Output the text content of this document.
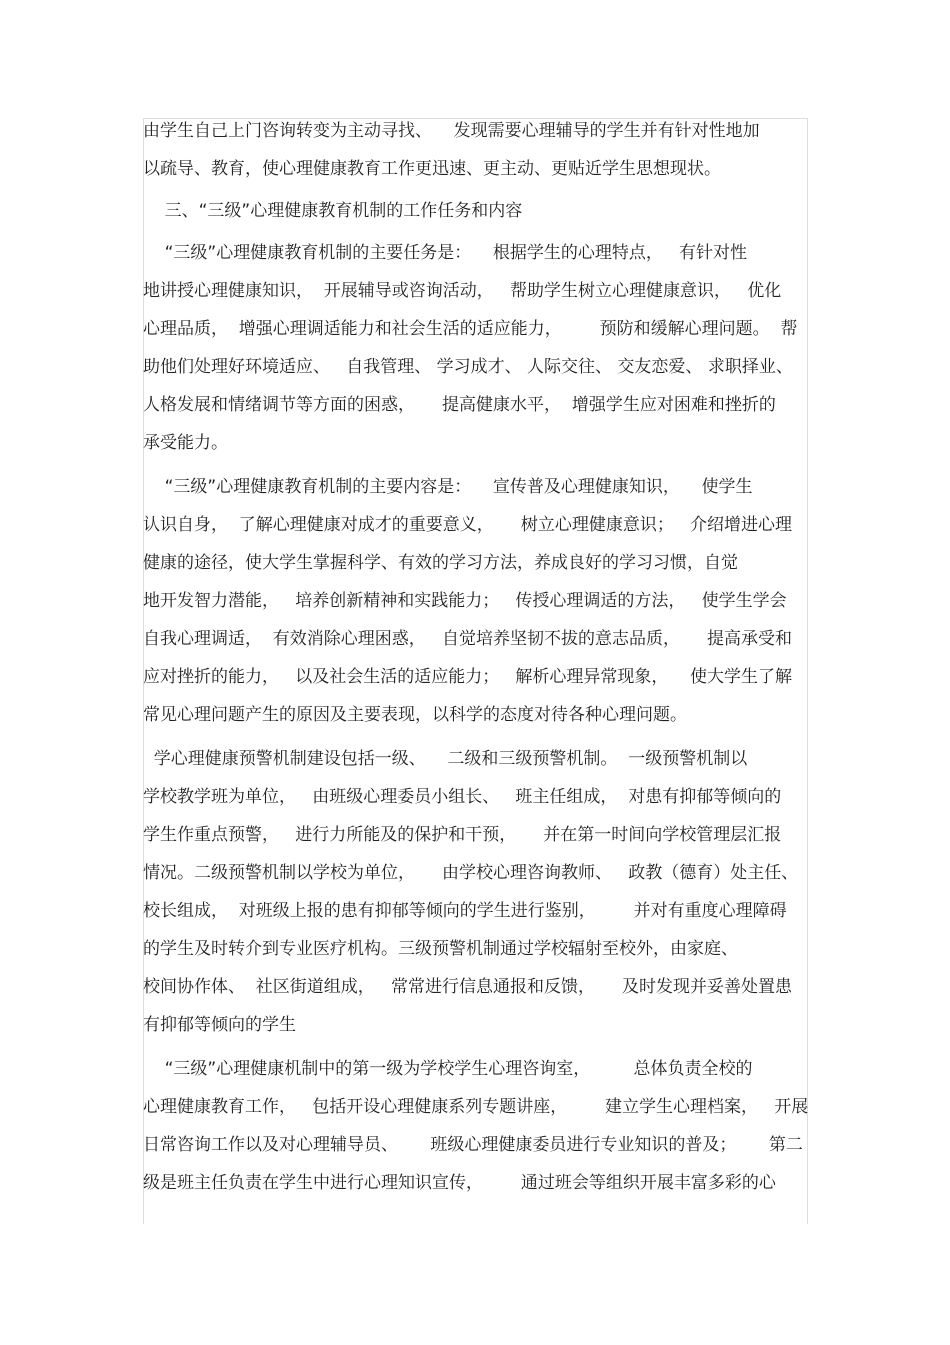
由学生自己上门咨询转变为主动寻找、    发现需要心理辅导的学生并有针对性地加
以疏导、教育，使心理健康教育工作更迅速、更主动、更贴近学生思想现状。
三、“三级”心理健康教育机制的工作任务和内容
“三级”心理健康教育机制的主要任务是：    根据学生的心理特点，   有针对性
地讲授心理健康知识，  开展辅导或咨询活动，   帮助学生树立心理健康意识，   优化
心理品质，  增强心理调适能力和社会生活的适应能力，       预防和缓解心理问题。  帮
助他们处理好环境适应、   自我管理、 学习成才、 人际交往、 交友恋爱、 求职择业、
人格发展和情绪调节等方面的困惑，     提高健康水平，  增强学生应对困难和挫折的
承受能力。
“三级”心理健康教育机制的主要内容是：    宣传普及心理健康知识，    使学生
认识自身，  了解心理健康对成才的重要意义，     树立心理健康意识；   介绍增进心理
健康的途径，使大学生掌握科学、有效的学习方法，养成良好的学习习惯，自觉
地开发智力潜能，   培养创新精神和实践能力；   传授心理调适的方法，   使学生学会
自我心理调适，  有效消除心理困惑，   自觉培养坚韧不拔的意志品质，     提高承受和
应对挫折的能力，   以及社会生活的适应能力；   解析心理异常现象，    使大学生了解
常见心理问题产生的原因及主要表现，以科学的态度对待各种心理问题。
学心理健康预警机制建设包括一级、    二级和三级预警机制。  一级预警机制以
学校教学班为单位，   由班级心理委员小组长、   班主任组成，  对患有抑郁等倾向的
学生作重点预警，   进行力所能及的保护和干预，     并在第一时间向学校管理层汇报
情况。二级预警机制以学校为单位，     由学校心理咨询教师、   政教（德育）处主任、
校长组成，  对班级上报的患有抑郁等倾向的学生进行鉴别，       并对有重度心理障碍
的学生及时转介到专业医疗机构。三级预警机制通过学校辐射至校外，由家庭、
校间协作体、  社区街道组成，   常常进行信息通报和反馈，     及时发现并妥善处置患
有抑郁等倾向的学生
“三级”心理健康机制中的第一级为学校学生心理咨询室，        总体负责全校的
心理健康教育工作，   包括开设心理健康系列专题讲座，       建立学生心理档案，   开展
日常咨询工作以及对心理辅导员、      班级心理健康委员进行专业知识的普及；      第二
级是班主任负责在学生中进行心理知识宣传，       通过班会等组织开展丰富多彩的心
